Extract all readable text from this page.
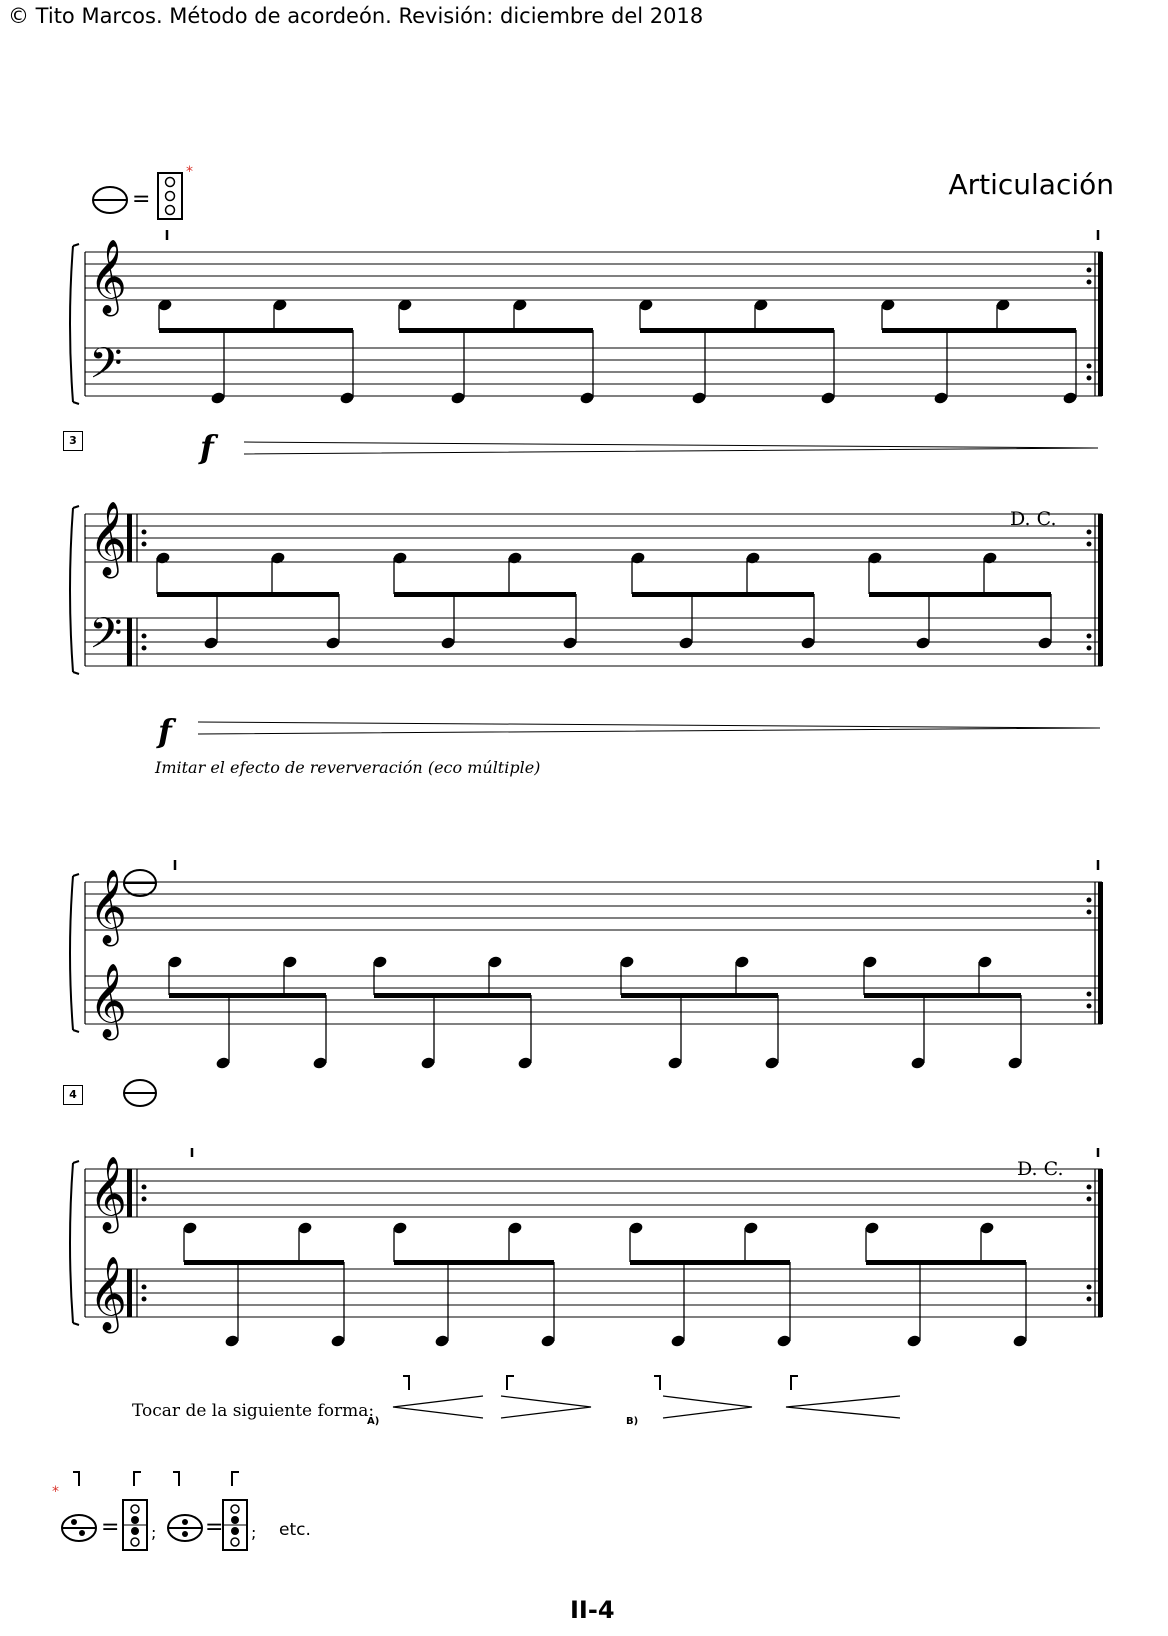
© Tito Marcos. Método de acordeón. Revisión: diciembre del 2018
Articulación
=
*
𝄞
𝄢
3	f
𝄞
𝄢
D. C.
f
Imitar el efecto de reververación (eco múltiple)
𝄞
𝄞
4
𝄞
𝄞
D. C.
Tocar de la siguiente forma:
A)	B)
*
= ; = ; etc.
II-4
